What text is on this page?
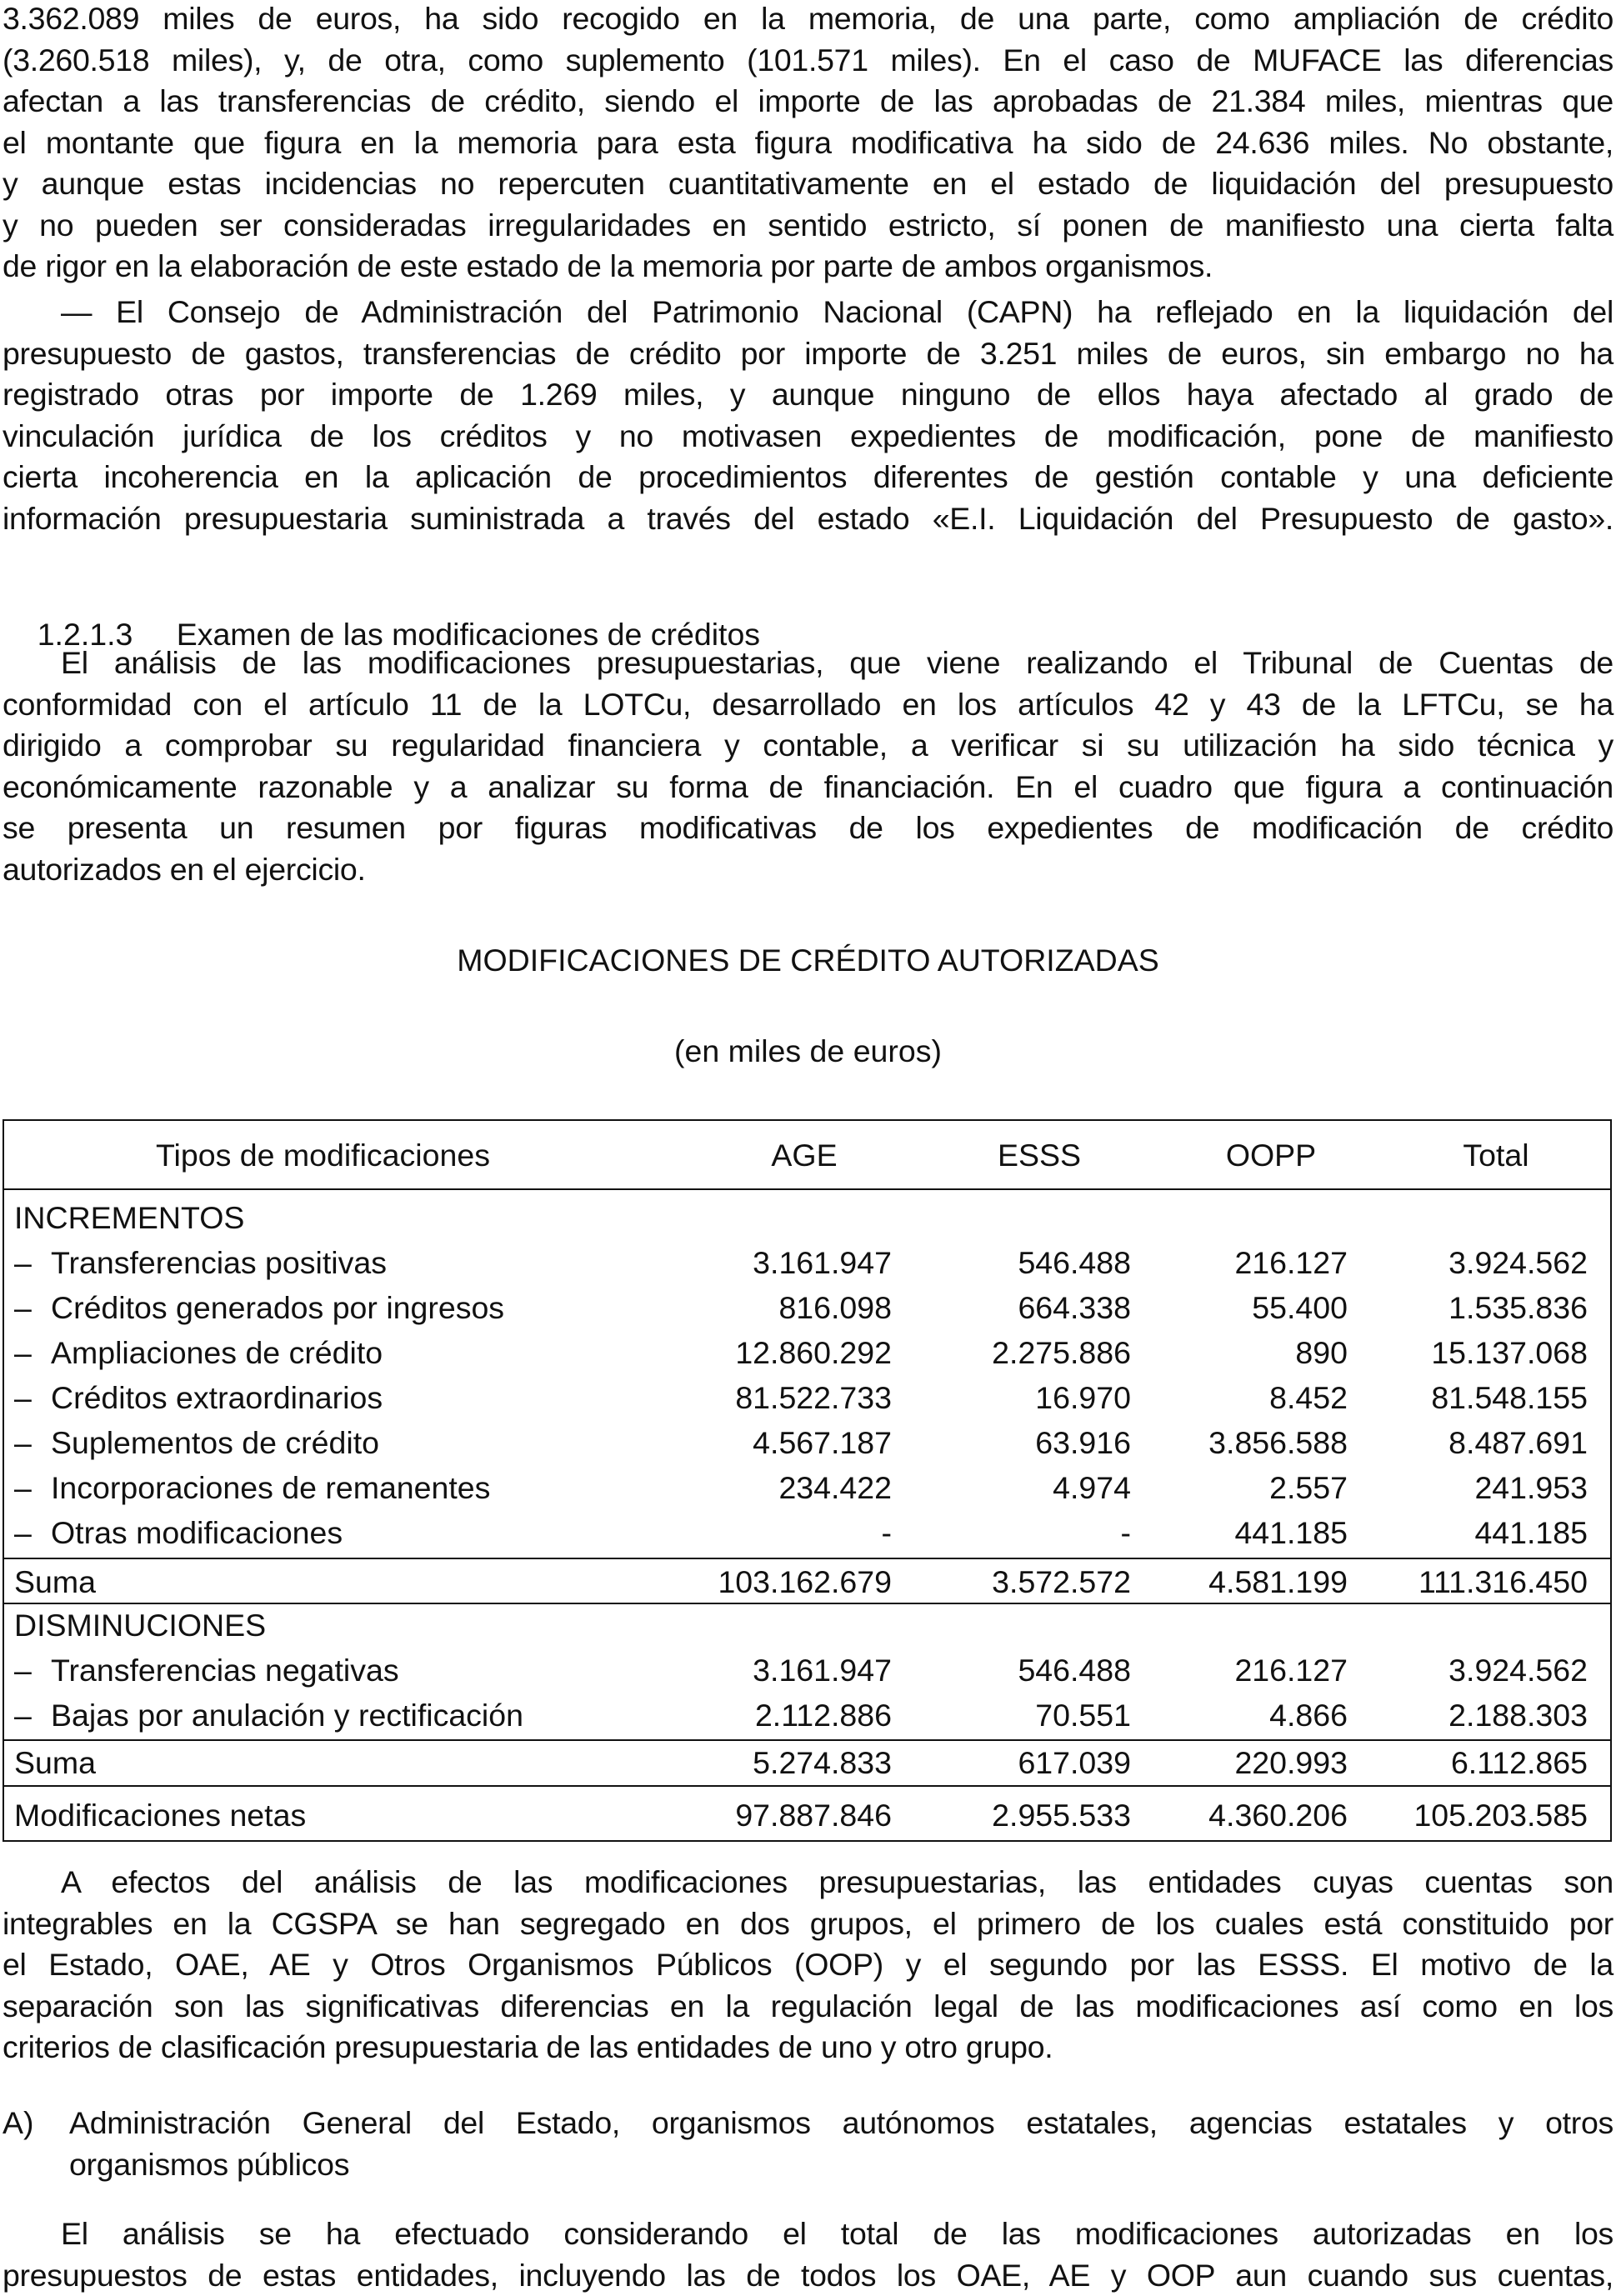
3.362.089 miles de euros, ha sido recogido en la memoria, de una parte, como ampliación de crédito

(3.260.518 miles), y, de otra, como suplemento (101.571 miles). En el caso de MUFACE las diferencias

afectan a las transferencias de crédito, siendo el importe de las aprobadas de 21.384 miles, mientras que

el montante que figura en la memoria para esta figura modificativa ha sido de 24.636 miles. No obstante,

y aunque estas incidencias no repercuten cuantitativamente en el estado de liquidación del presupuesto

y no pueden ser consideradas irregularidades en sentido estricto, sí ponen de manifiesto una cierta falta

de rigor en la elaboración de este estado de la memoria por parte de ambos organismos.

— El Consejo de Administración del Patrimonio Nacional (CAPN) ha reflejado en la liquidación del

presupuesto de gastos, transferencias de crédito por importe de 3.251 miles de euros, sin embargo no ha

registrado otras por importe de 1.269 miles, y aunque ninguno de ellos haya afectado al grado de

vinculación jurídica de los créditos y no motivasen expedientes de modificación, pone de manifiesto

cierta incoherencia en la aplicación de procedimientos diferentes de gestión contable y una deficiente

información presupuestaria suministrada a través del estado «E.I. Liquidación del Presupuesto de gasto».

1.2.1.3 Examen de las modificaciones de créditos

El análisis de las modificaciones presupuestarias, que viene realizando el Tribunal de Cuentas de

conformidad con el artículo 11 de la LOTCu, desarrollado en los artículos 42 y 43 de la LFTCu, se ha

dirigido a comprobar su regularidad financiera y contable, a verificar si su utilización ha sido técnica y

económicamente razonable y a analizar su forma de financiación. En el cuadro que figura a continuación

se presenta un resumen por figuras modificativas de los expedientes de modificación de crédito

autorizados en el ejercicio.

MODIFICACIONES DE CRÉDITO AUTORIZADAS
(en miles de euros)
Tipos de modificaciones	AGE	ESSS	OOPP	Total
INCREMENTOS
– Transferencias positivas	3.161.947	546.488	216.127	3.924.562
– Créditos generados por ingresos	816.098	664.338	55.400	1.535.836
– Ampliaciones de crédito	12.860.292	2.275.886	890	15.137.068
– Créditos extraordinarios	81.522.733	16.970	8.452	81.548.155
– Suplementos de crédito	4.567.187	63.916	3.856.588	8.487.691
– Incorporaciones de remanentes	234.422	4.974	2.557	241.953
– Otras modificaciones	-	-	441.185	441.185
Suma	103.162.679	3.572.572	4.581.199	111.316.450
DISMINUCIONES
– Transferencias negativas	3.161.947	546.488	216.127	3.924.562
– Bajas por anulación y rectificación	2.112.886	70.551	4.866	2.188.303
Suma	5.274.833	617.039	220.993	6.112.865
Modificaciones netas	97.887.846	2.955.533	4.360.206	105.203.585

A efectos del análisis de las modificaciones presupuestarias, las entidades cuyas cuentas son

integrables en la CGSPA se han segregado en dos grupos, el primero de los cuales está constituido por

el Estado, OAE, AE y Otros Organismos Públicos (OOP) y el segundo por las ESSS. El motivo de la

separación son las significativas diferencias en la regulación legal de las modificaciones así como en los

criterios de clasificación presupuestaria de las entidades de uno y otro grupo.

A) Administración General del Estado, organismos autónomos estatales, agencias estatales y otros

organismos públicos

El análisis se ha efectuado considerando el total de las modificaciones autorizadas en los

presupuestos de estas entidades, incluyendo las de todos los OAE, AE y OOP aun cuando sus cuentas,
